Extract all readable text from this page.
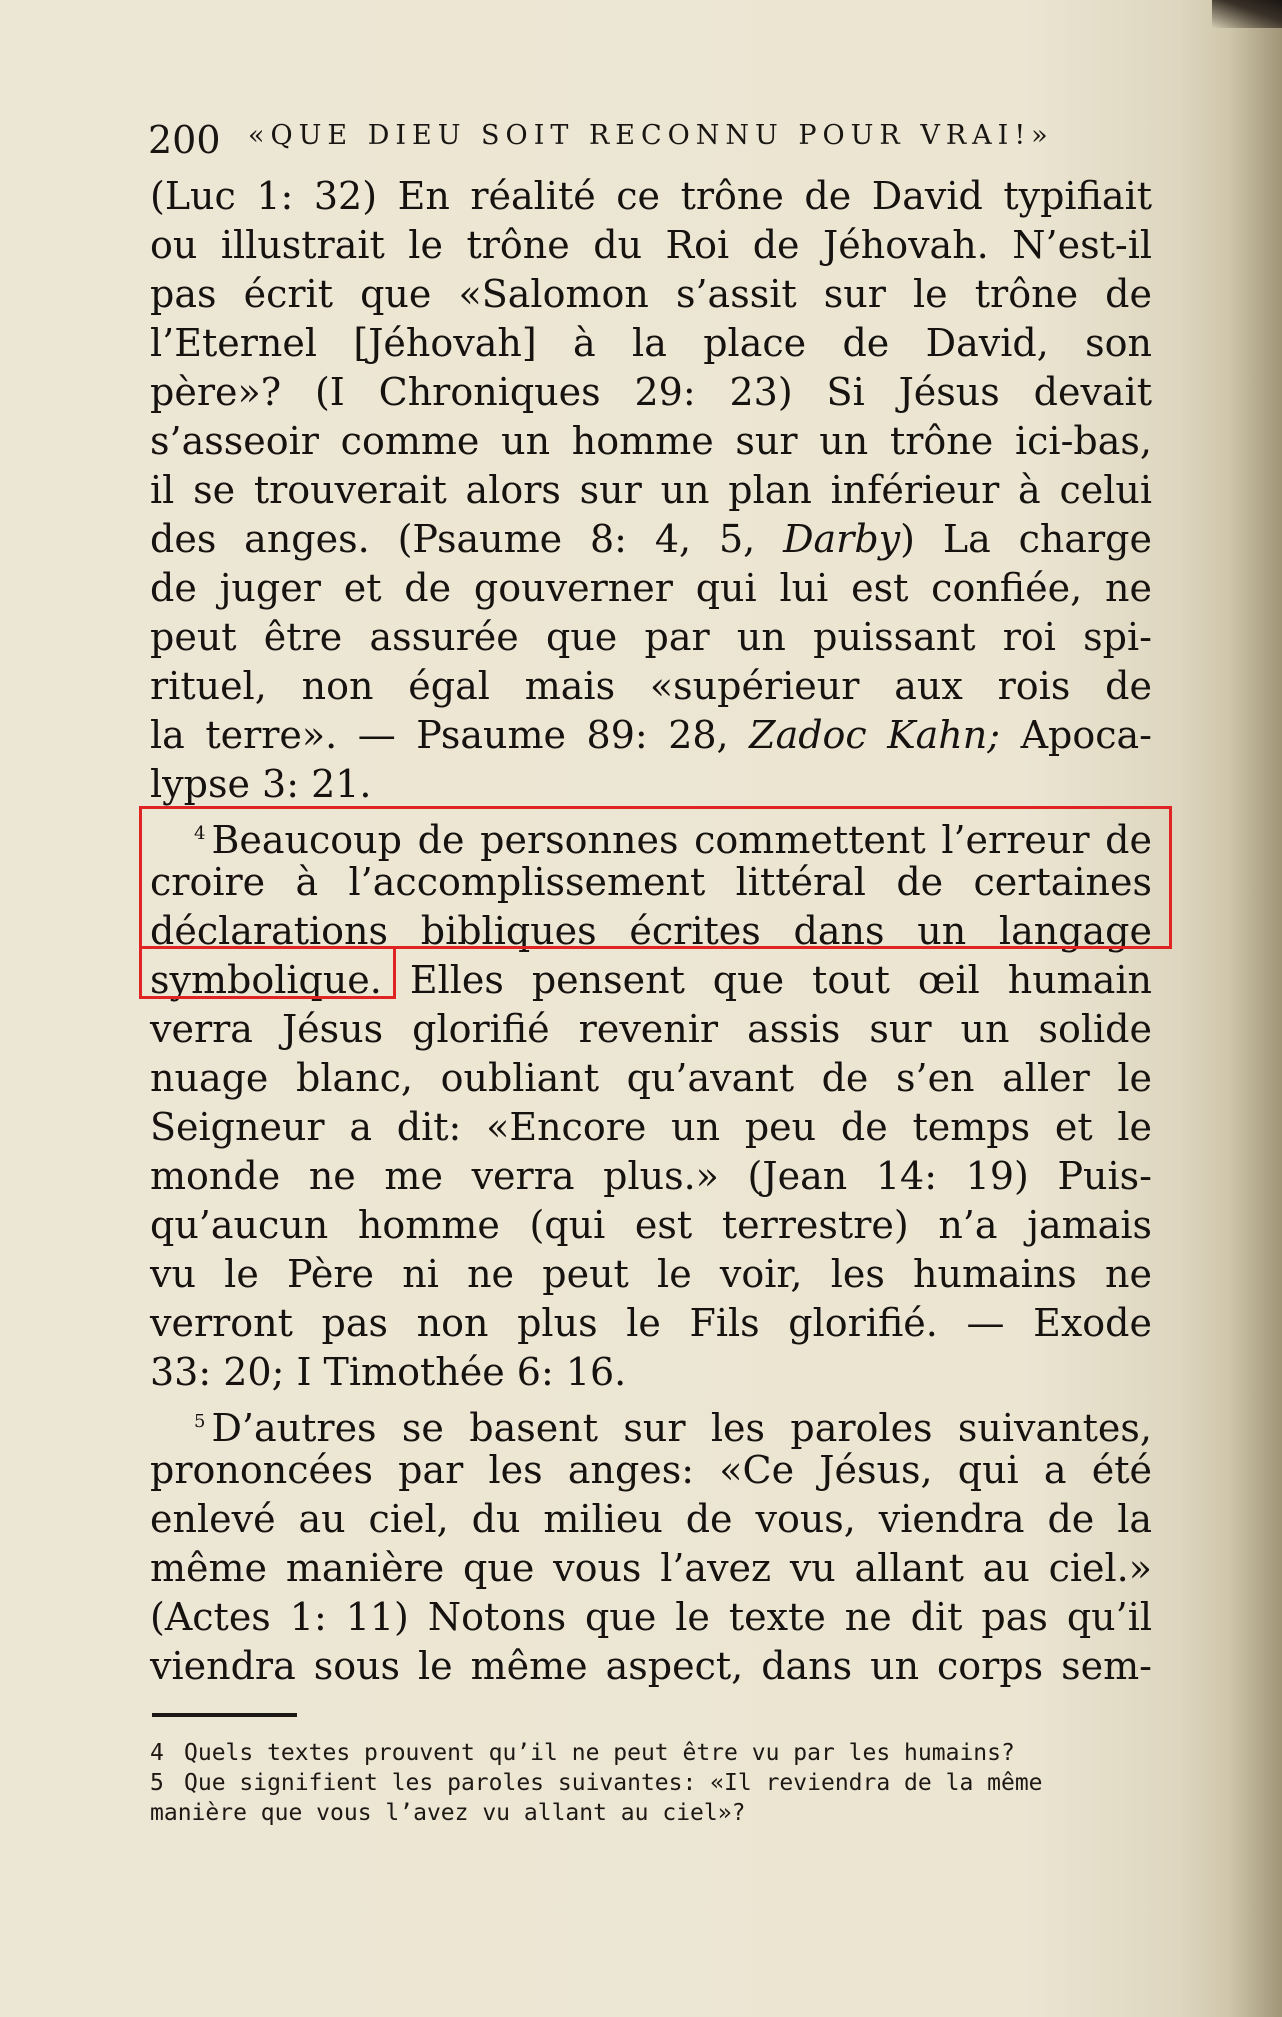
200 «QUE DIEU SOIT RECONNU POUR VRAI!»
(Luc 1: 32) En réalité ce trône de David typifiait
ou illustrait le trône du Roi de Jéhovah. N’est-il
pas écrit que «Salomon s’assit sur le trône de
l’Eternel [Jéhovah] à la place de David, son
père»? (I Chroniques 29: 23) Si Jésus devait
s’asseoir comme un homme sur un trône ici-bas,
il se trouverait alors sur un plan inférieur à celui
des anges. (Psaume 8: 4, 5, Darby) La charge
de juger et de gouverner qui lui est confiée, ne
peut être assurée que par un puissant roi spi-
rituel, non égal mais «supérieur aux rois de
la terre». — Psaume 89: 28, Zadoc Kahn; Apoca-
lypse 3: 21.
$^4$ Beaucoup de personnes commettent l’erreur de
croire à l’accomplissement littéral de certaines
déclarations bibliques écrites dans un langage
symbolique. Elles pensent que tout œil humain
verra Jésus glorifié revenir assis sur un solide
nuage blanc, oubliant qu’avant de s’en aller le
Seigneur a dit: «Encore un peu de temps et le
monde ne me verra plus.» (Jean 14: 19) Puis-
qu’aucun homme (qui est terrestre) n’a jamais
vu le Père ni ne peut le voir, les humains ne
verront pas non plus le Fils glorifié. — Exode
33: 20; I Timothée 6: 16.
$^5$ D’autres se basent sur les paroles suivantes,
prononcées par les anges: «Ce Jésus, qui a été
enlevé au ciel, du milieu de vous, viendra de la
même manière que vous l’avez vu allant au ciel.»
(Actes 1: 11) Notons que le texte ne dit pas qu’il
viendra sous le même aspect, dans un corps sem-
4 Quels textes prouvent qu’il ne peut être vu par les humains?
5 Que signifient les paroles suivantes: «Il reviendra de la même
manière que vous l’avez vu allant au ciel»?
